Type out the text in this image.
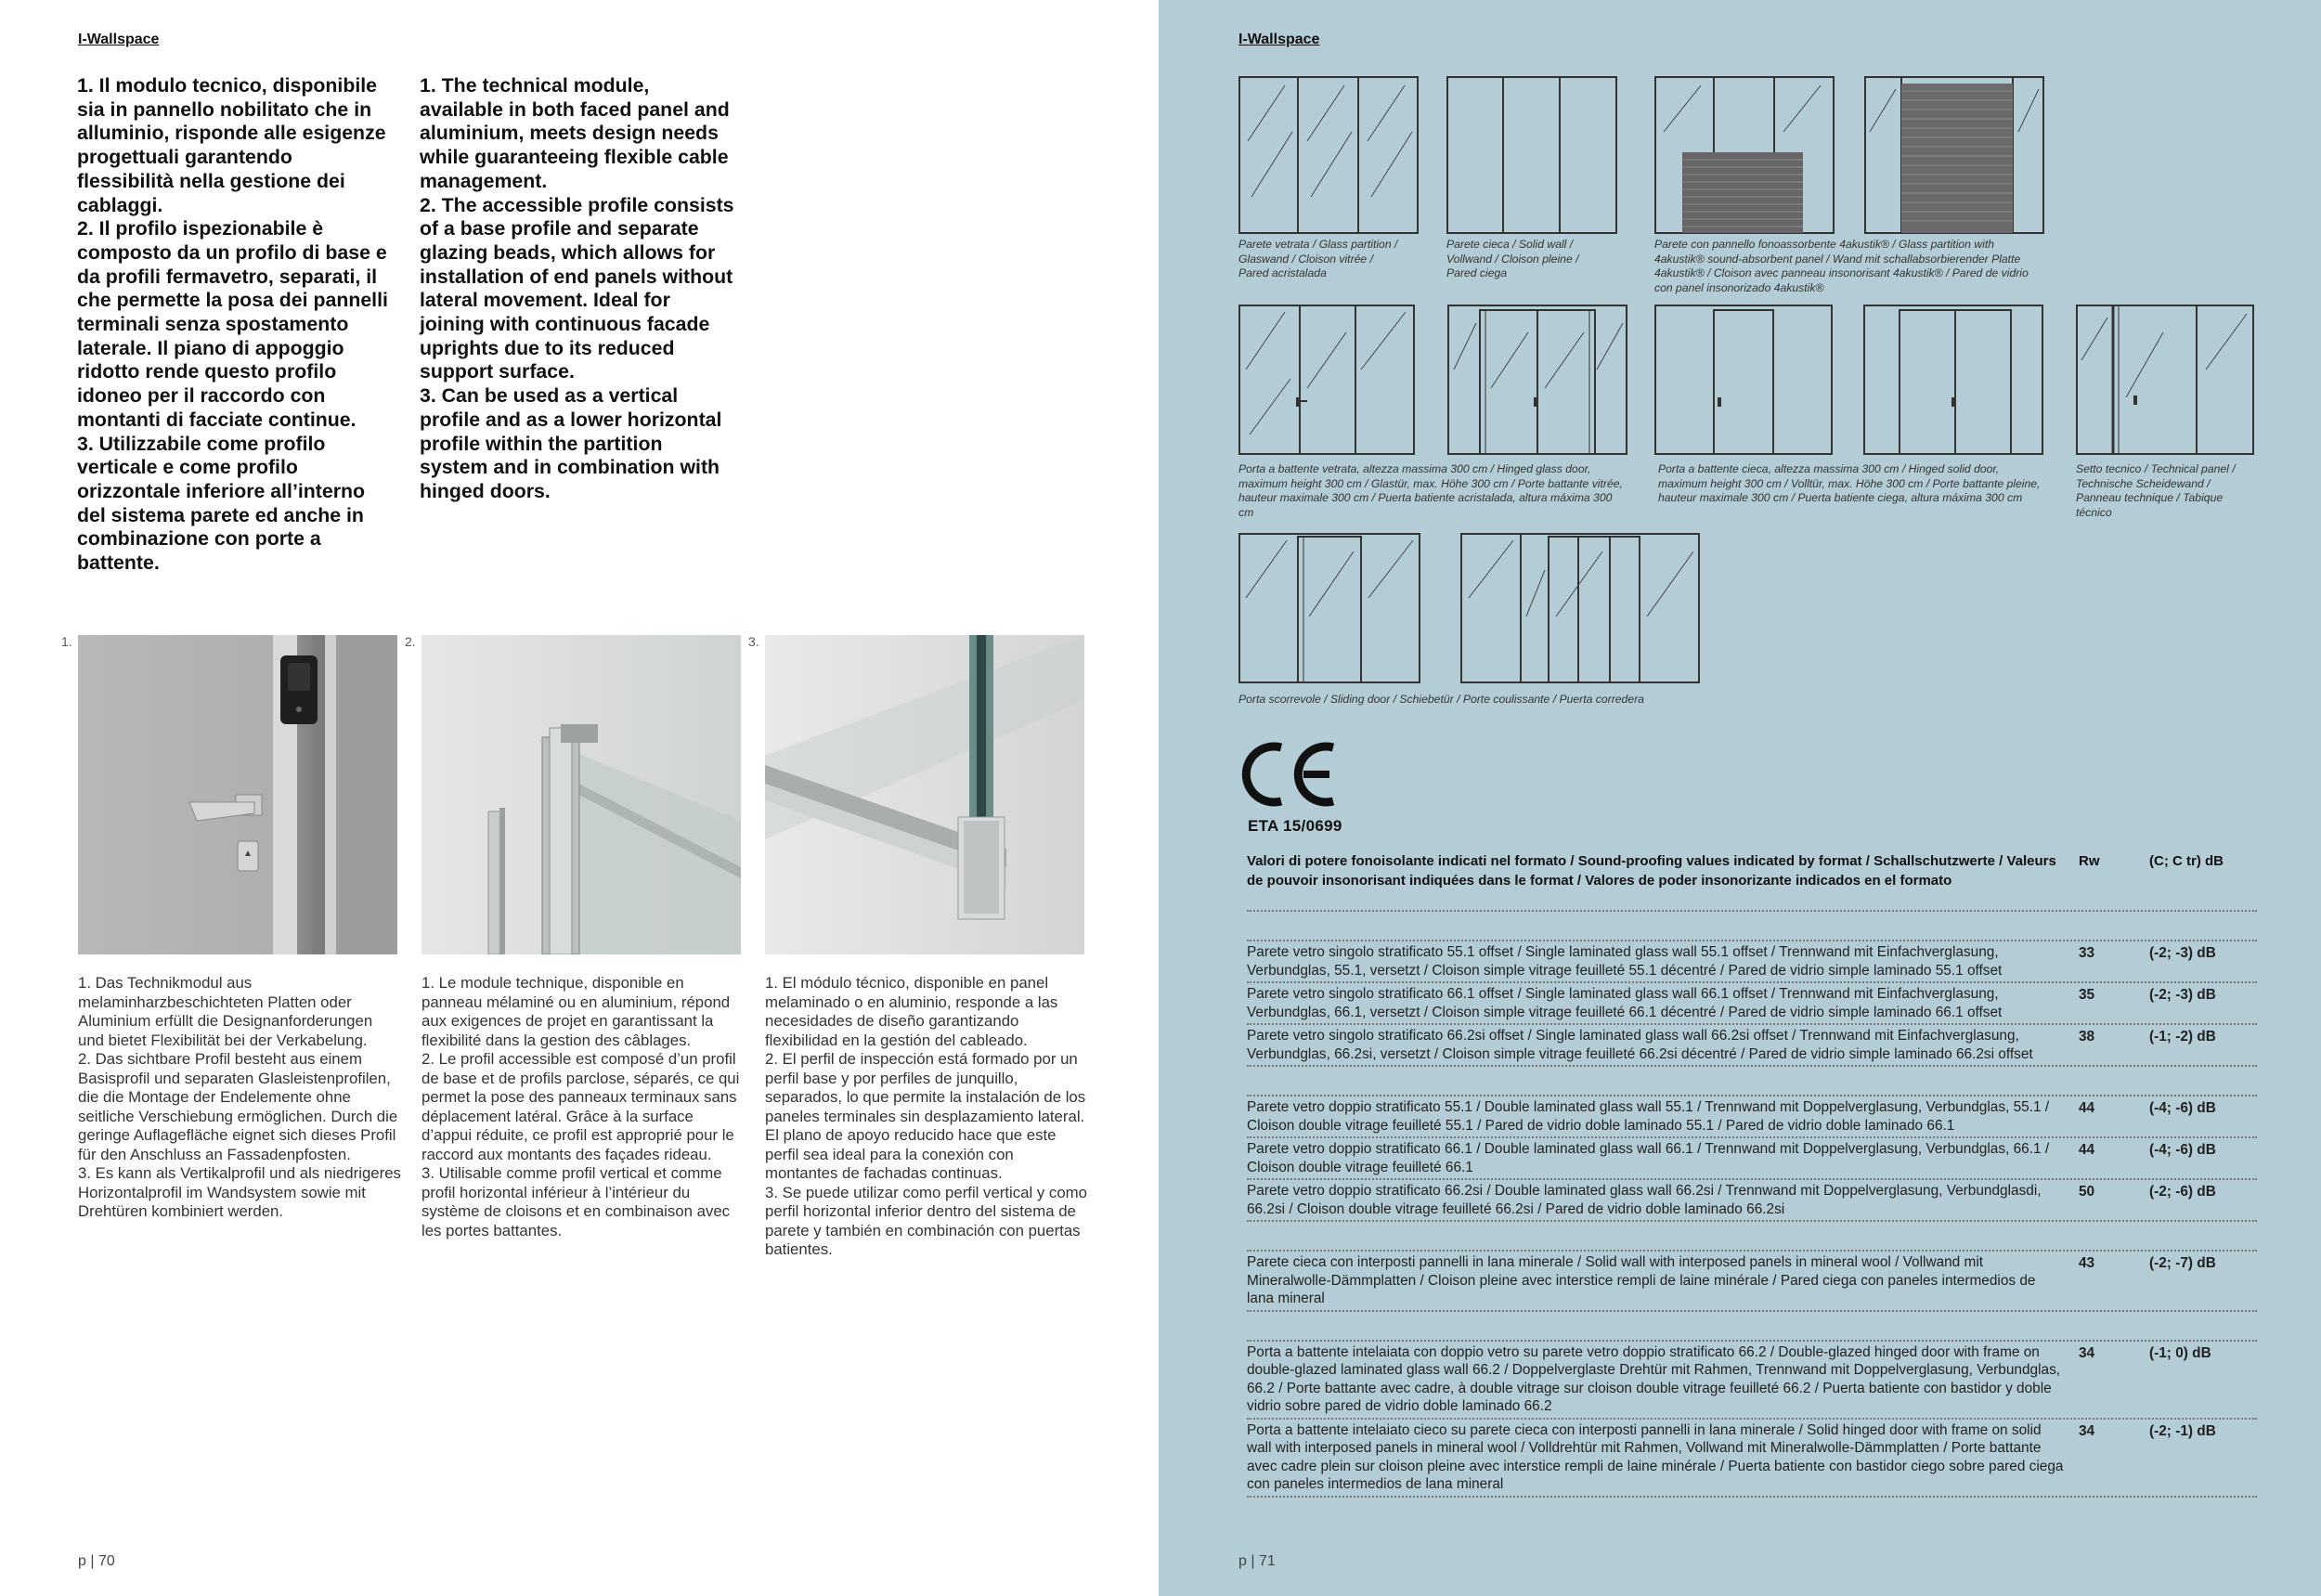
I-Wallspace

1. Il modulo tecnico, disponibile sia in pannello nobilitato che in alluminio, risponde alle esigenze progettuali garantendo flessibilità nella gestione dei cablaggi.

2. Il profilo ispezionabile è composto da un profilo di base e da profili fermavetro, separati, il che permette la posa dei pannelli terminali senza spostamento laterale. Il piano di appoggio ridotto rende questo profilo idoneo per il raccordo con montanti di facciate continue.

3. Utilizzabile come profilo verticale e come profilo orizzontale inferiore all’interno del sistema parete ed anche in combinazione con porte a battente.

1. The technical module, available in both faced panel and aluminium, meets design needs while guaranteeing flexible cable management.

2. The accessible profile consists of a base profile and separate glazing beads, which allows for installation of end panels without lateral movement. Ideal for joining with continuous facade uprights due to its reduced support surface.

3. Can be used as a vertical profile and as a lower horizontal profile within the partition system and in combination with hinged doors.

1.	2.	3.

1. Das Technikmodul aus melaminharzbeschichteten Platten oder Aluminium erfüllt die Designanforderungen und bietet Flexibilität bei der Verkabelung.

2. Das sichtbare Profil besteht aus einem Basisprofil und separaten Glasleistenprofilen, die die Montage der Endelemente ohne seitliche Verschiebung ermöglichen. Durch die geringe Auflagefläche eignet sich dieses Profil für den Anschluss an Fassadenpfosten.

3. Es kann als Vertikalprofil und als niedrigeres Horizontalprofil im Wandsystem sowie mit Drehtüren kombiniert werden.

1. Le module technique, disponible en panneau mélaminé ou en aluminium, répond aux exigences de projet en garantissant la flexibilité dans la gestion des câblages.

2. Le profil accessible est composé d’un profil de base et de profils parclose, séparés, ce qui permet la pose des panneaux terminaux sans déplacement latéral. Grâce à la surface d’appui réduite, ce profil est approprié pour le raccord aux montants des façades rideau.

3. Utilisable comme profil vertical et comme profil horizontal inférieur à l’intérieur du système de cloisons et en combinaison avec les portes battantes.

1. El módulo técnico, disponible en panel melaminado o en aluminio, responde a las necesidades de diseño garantizando flexibilidad en la gestión del cableado.

2. El perfil de inspección está formado por un perfil base y por perfiles de junquillo, separados, lo que permite la instalación de los paneles terminales sin desplazamiento lateral. El plano de apoyo reducido hace que este perfil sea ideal para la conexión con montantes de fachadas continuas.

3. Se puede utilizar como perfil vertical y como perfil horizontal inferior dentro del sistema de parete y también en combinación con puertas batientes.

p | 70
I-Wallspace
Parete vetrata / Glass partition / Glaswand / Cloison vitrée / Pared acristalada
Parete cieca / Solid wall / Vollwand / Cloison pleine / Pared ciega
Parete con pannello fonoassorbente 4akustik® / Glass partition with 4akustik® sound-absorbent panel / Wand mit schallabsorbierender Platte 4akustik® / Cloison avec panneau insonorisant 4akustik® / Pared de vidrio con panel insonorizado 4akustik®
Porta a battente vetrata, altezza massima 300 cm / Hinged glass door, maximum height 300 cm / Glastür, max. Höhe 300 cm / Porte battante vitrée, hauteur maximale 300 cm / Puerta batiente acristalada, altura máxima 300 cm
Porta a battente cieca, altezza massima 300 cm / Hinged solid door, maximum height 300 cm / Volltür, max. Höhe 300 cm / Porte battante pleine, hauteur maximale 300 cm / Puerta batiente ciega, altura máxima 300 cm
Setto tecnico / Technical panel / Technische Scheidewand / Panneau technique / Tabique técnico
Porta scorrevole / Sliding door / Schiebetür / Porte coulissante / Puerta corredera
ETA 15/0699
Valori di potere fonoisolante indicati nel formato / Sound-proofing values indicated by format / Schallschutzwerte / Valeurs de pouvoir insonorisant indiquées dans le format / Valores de poder insonorizante indicados en el formato
Rw	(C; C tr) dB
Parete vetro singolo stratificato 55.1 offset / Single laminated glass wall 55.1 offset / Trennwand mit Einfachverglasung, Verbundglas, 55.1, versetzt / Cloison simple vitrage feuilleté 55.1 décentré / Pared de vidrio simple laminado 55.1 offset
33	(-2; -3) dB
Parete vetro singolo stratificato 66.1 offset / Single laminated glass wall 66.1 offset / Trennwand mit Einfachverglasung, Verbundglas, 66.1, versetzt / Cloison simple vitrage feuilleté 66.1 décentré / Pared de vidrio simple laminado 66.1 offset
35	(-2; -3) dB
Parete vetro singolo stratificato 66.2si offset / Single laminated glass wall 66.2si offset / Trennwand mit Einfachverglasung, Verbundglas, 66.2si, versetzt / Cloison simple vitrage feuilleté 66.2si décentré / Pared de vidrio simple laminado 66.2si offset
38	(-1; -2) dB
Parete vetro doppio stratificato 55.1 / Double laminated glass wall 55.1 / Trennwand mit Doppelverglasung, Verbundglas, 55.1 / Cloison double vitrage feuilleté 55.1 / Pared de vidrio doble laminado 55.1 / Pared de vidrio doble laminado 66.1
44	(-4; -6) dB
Parete vetro doppio stratificato 66.1 / Double laminated glass wall 66.1 / Trennwand mit Doppelverglasung, Verbundglas, 66.1 / Cloison double vitrage feuilleté 66.1
44	(-4; -6) dB
Parete vetro doppio stratificato 66.2si / Double laminated glass wall 66.2si / Trennwand mit Doppelverglasung, Verbundglasdi, 66.2si / Cloison double vitrage feuilleté 66.2si / Pared de vidrio doble laminado 66.2si
50	(-2; -6) dB
Parete cieca con interposti pannelli in lana minerale / Solid wall with interposed panels in mineral wool / Vollwand mit Mineralwolle-Dämmplatten / Cloison pleine avec interstice rempli de laine minérale / Pared ciega con paneles intermedios de lana mineral
43	(-2; -7) dB
Porta a battente intelaiata con doppio vetro su parete vetro doppio stratificato 66.2 / Double-glazed hinged door with frame on double-glazed laminated glass wall 66.2 / Doppelverglaste Drehtür mit Rahmen, Trennwand mit Doppelverglasung, Verbundglas, 66.2 / Porte battante avec cadre, à double vitrage sur cloison double vitrage feuilleté 66.2 / Puerta batiente con bastidor y doble vidrio sobre pared de vidrio doble laminado 66.2
34	(-1; 0) dB
Porta a battente intelaiato cieco su parete cieca con interposti pannelli in lana minerale / Solid hinged door with frame on solid wall with interposed panels in mineral wool / Volldrehtür mit Rahmen, Vollwand mit Mineralwolle-Dämmplatten / Porte battante avec cadre plein sur cloison pleine avec interstice rempli de laine minérale / Puerta batiente con bastidor ciego sobre pared ciega con paneles intermedios de lana mineral
34	(-2; -1) dB
p | 71
